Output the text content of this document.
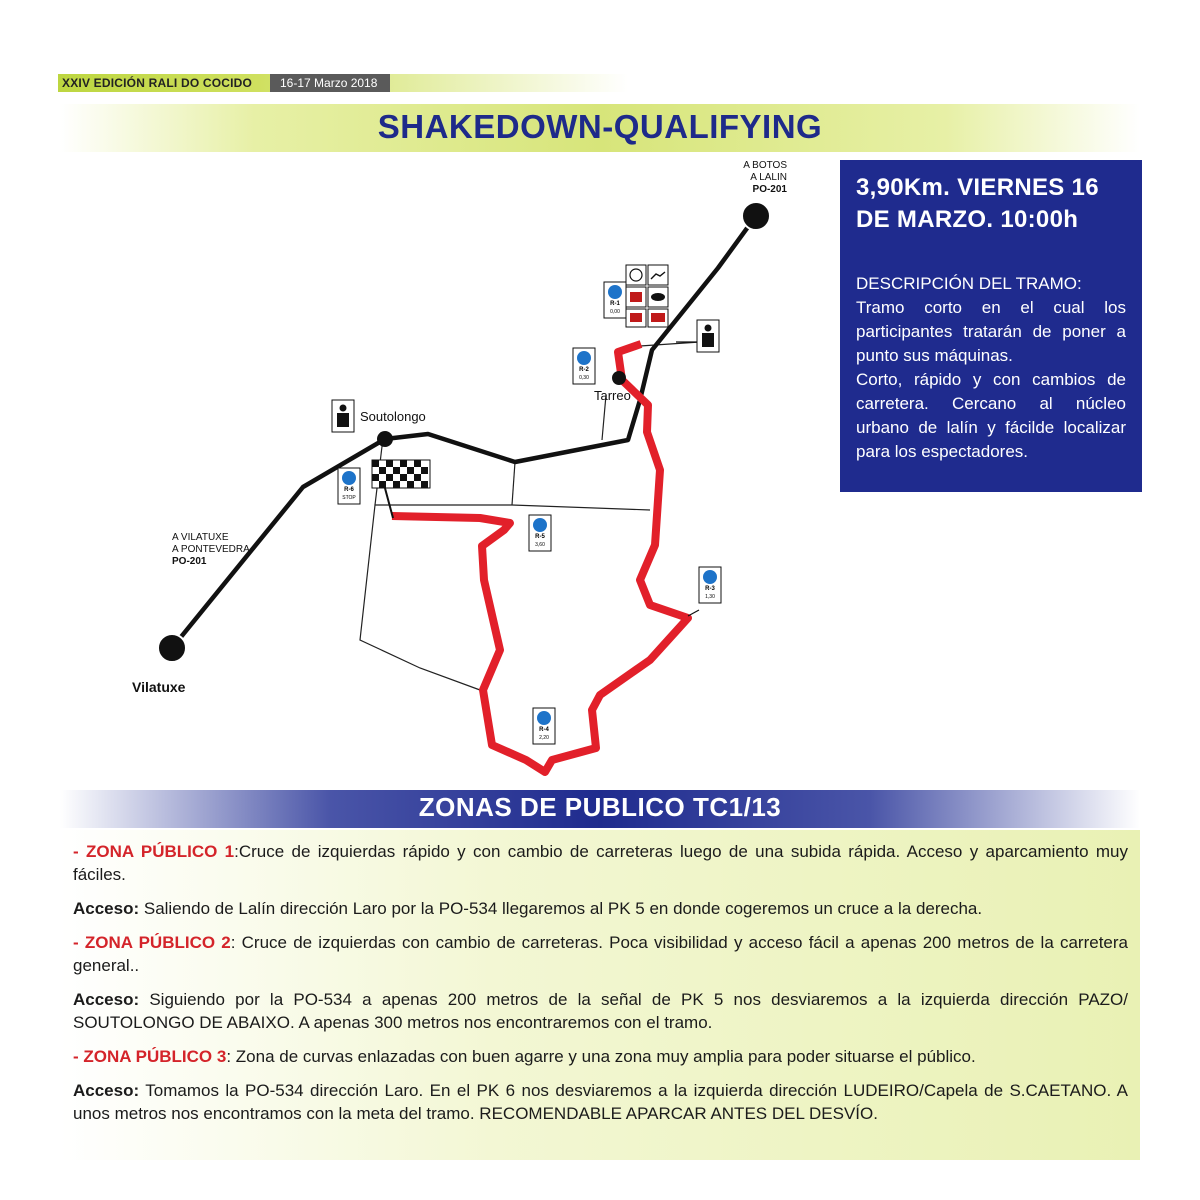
XXIV EDICIÓN RALI DO COCIDO 16-17 Marzo 2018
SHAKEDOWN-QUALIFYING
3,90Km. VIERNES 16
DE MARZO. 10:00h
DESCRIPCIÓN DEL TRAMO:

Tramo corto en el cual los participantes tratarán de poner a punto sus máquinas.

Corto, rápido y con cambios de carretera. Cercano al núcleo urbano de lalín y fácilde localizar para los espectadores.

R-1
0,00
R-2
0,30
R-3
1,30
R-4
2,20
R-5
3,60
R-6
STOP
Soutolongo
Tarreo
Vilatuxe
A BOTOS
A LALIN
PO-201
A VILATUXE
A PONTEVEDRA
PO-201
ZONAS DE PUBLICO TC1/13

- ZONA PÚBLICO 1:Cruce de izquierdas rápido y con cambio de carreteras luego de una subida rápida. Acceso y aparcamiento muy fáciles.

Acceso: Saliendo de Lalín dirección Laro por la PO-534 llegaremos al PK 5 en donde cogeremos un cruce a la derecha.

- ZONA PÚBLICO 2: Cruce de izquierdas con cambio de carreteras. Poca visibilidad y acceso fácil a apenas 200 metros de la carretera general..

Acceso: Siguiendo por la PO-534 a apenas 200 metros de la señal de PK 5 nos desviaremos a la izquierda dirección PAZO/ SOUTOLONGO DE ABAIXO. A apenas 300 metros nos encontraremos con el tramo.

- ZONA PÚBLICO 3: Zona de curvas enlazadas con buen agarre y una zona muy amplia para poder situarse el público.

Acceso: Tomamos la PO-534 dirección Laro. En el PK 6 nos desviaremos a la izquierda dirección LUDEIRO/Capela de S.CAETANO. A unos metros nos encontramos con la meta del tramo. RECOMENDABLE APARCAR ANTES DEL DESVÍO.
